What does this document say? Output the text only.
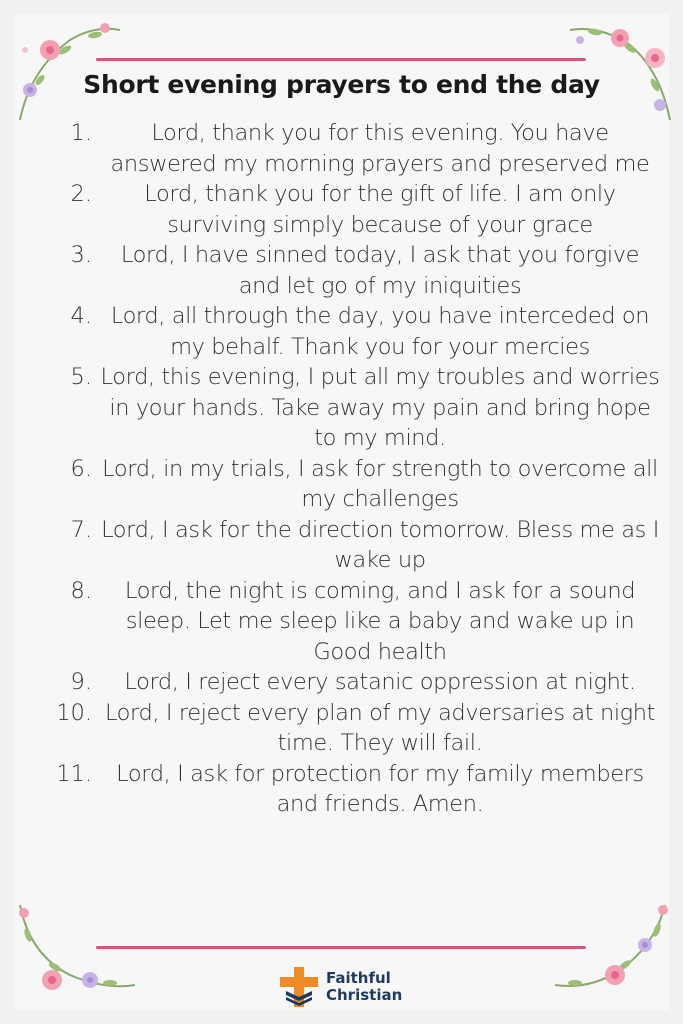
Short evening prayers to end the day
1.	Lord, thank you for this evening. You have answered my morning prayers and preserved me
2.	Lord, thank you for the gift of life. I am only surviving simply because of your grace
3.	Lord, I have sinned today, I ask that you forgive and let go of my iniquities
4. Lord, all through the day, you have interceded on my behalf. Thank you for your mercies
5. Lord, this evening, I put all my troubles and worries in your hands. Take away my pain and bring hope to my mind.
6. Lord, in my trials, I ask for strength to overcome all my challenges
7. Lord, I ask for the direction tomorrow. Bless me as I wake up
8.	Lord, the night is coming, and I ask for a sound sleep. Let me sleep like a baby and wake up in Good health
9.	Lord, I reject every satanic oppression at night.
10. Lord, I reject every plan of my adversaries at night time. They will fail.
11.	Lord, I ask for protection for my family members and friends. Amen.
Faithful
Christian
